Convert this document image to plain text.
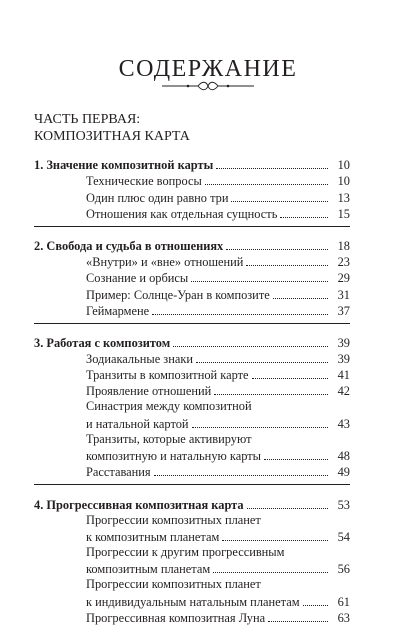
СОДЕРЖАНИЕ
ЧАСТЬ ПЕРВАЯ:
КОМПОЗИТНАЯ КАРТА
1. Значение композитной карты	10
Технические вопросы	10
Один плюс один равно три	13
Отношения как отдельная сущность	15
2. Свобода и судьба в отношениях	18
«Внутри» и «вне» отношений	23
Сознание и орбисы	29
Пример: Солнце-Уран в композите	31
Геймармене	37
3. Работая с композитом	39
Зодиакальные знаки	39
Транзиты в композитной карте	41
Проявление отношений	42
Синастрия между композитной
и натальной картой	43
Транзиты, которые активируют
композитную и натальную карты	48
Расставания	49
4. Прогрессивная композитная карта	53
Прогрессии композитных планет
к композитным планетам	54
Прогрессии к другим прогрессивным
композитным планетам	56
Прогрессии композитных планет
к индивидуальным натальным планетам	61
Прогрессивная композитная Луна	63
